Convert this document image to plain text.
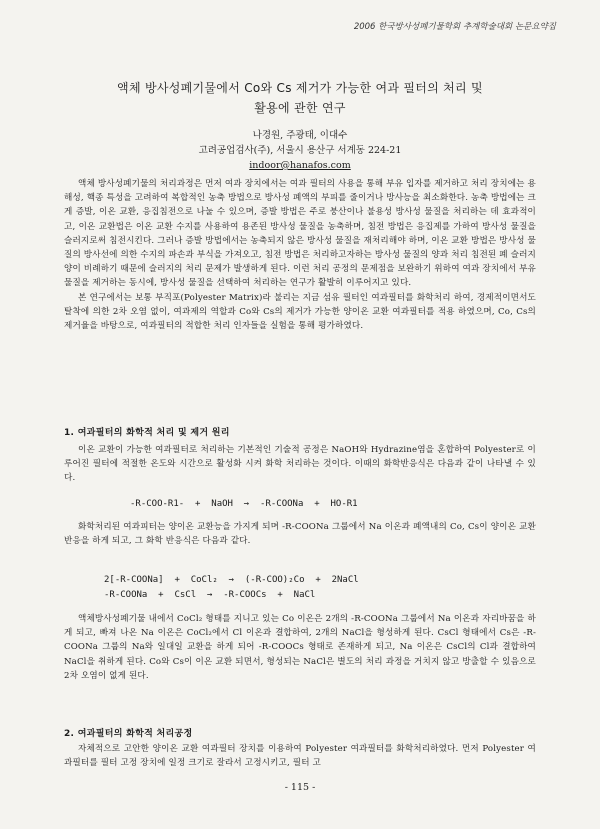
2006 한국방사성폐기물학회 추계학술대회 논문요약집
액체 방사성폐기물에서 Co와 Cs 제거가 가능한 여과 필터의 처리 및
활용에 관한 연구
나경원, 주광태, 이대수
고려공업검사(주), 서울시 용산구 서계동 224-21
indoor@hanafos.com

액체 방사성폐기물의 처리과정은 먼저 여과 장치에서는 여과 필터의 사용을 통해 부유 입자를 제거하고 처리 장치에는 용해성, 핵종 특성을 고려하여 복합적인 농축 방법으로 방사성 폐액의 부피를 줄이거나 방사능을 최소화한다. 농축 방법에는 크게 증발, 이온 교환, 응집침전으로 나눌 수 있으며, 증발 방법은 주로 붕산이나 불용성 방사성 물질을 처리하는 데 효과적이고, 이온 교환법은 이온 교환 수지를 사용하여 용존된 방사성 물질을 농축하며, 침전 방법은 응집제를 가하여 방사성 물질을 슬러지로써 침전시킨다. 그러나 증발 방법에서는 농축되지 않은 방사성 물질을 재처리해야 하며, 이온 교환 방법은 방사성 물질의 방사선에 의한 수지의 파손과 부식을 가져오고, 침전 방법은 처리하고자하는 방사성 물질의 양과 처리 침전된 폐 슬러지 양이 비례하기 때문에 슬러지의 처리 문제가 발생하게 된다. 이런 처리 공정의 문제점을 보완하기 위하여 여과 장치에서 부유 물질을 제거하는 동시에, 방사성 물질을 선택하여 처리하는 연구가 활발히 이루어지고 있다.

본 연구에서는 보통 부직포(Polyester Matrix)라 불리는 지금 섬유 필터인 여과필터를 화학처리 하여, 경제적이면서도 탈착에 의한 2차 오염 없이, 여과제의 역할과 Co와 Cs의 제거가 가능한 양이온 교환 여과필터를 적용 하였으며, Co, Cs의 제거율을 바탕으로, 여과필터의 적합한 처리 인자들을 실험을 통해 평가하였다.

1. 여과필터의 화학적 처리 및 제거 원리

이온 교환이 가능한 여과필터로 처리하는 기본적인 기술적 공정은 NaOH와 Hydrazine염을 혼합하여 Polyester로 이루어진 필터에 적절한 온도와 시간으로 활성화 시켜 화학 처리하는 것이다. 이때의 화학반응식은 다음과 같이 나타낼 수 있다.

-R-COO-R1-  +  NaOH  →  -R-COONa  +  HO-R1

화학처리된 여과피터는 양이온 교환능을 가지게 되며 -R-COONa 그룹에서 Na 이온과 폐액내의 Co, Cs이 양이온 교환 반응을 하게 되고, 그 화학 반응식은 다음과 같다.

2[-R-COONa]  +  CoCl₂  →  (-R-COO)₂Co  +  2NaCl
-R-COONa  +  CsCl  →  -R-COOCs  +  NaCl

액체방사성폐기물 내에서 CoCl₂ 형태를 지니고 있는 Co 이온은 2개의 -R-COONa 그룹에서 Na 이온과 자리바꿈을 하게 되고, 빠져 나온 Na 이온은 CoCl₂에서 Cl 이온과 결합하여, 2개의 NaCl을 형성하게 된다. CsCl 형태에서 Cs은 -R-COONa 그룹의 Na와 일대일 교환을 하게 되어 -R-COOCs 형태로 존재하게 되고, Na 이온은 CsCl의 Cl과 결합하여 NaCl을 취하게 된다. Co와 Cs이 이온 교환 되면서, 형성되는 NaCl은 별도의 처리 과정을 거치지 않고 방출할 수 있음으로 2차 오염이 없게 된다.

2. 여과필터의 화학적 처리공정

자체적으로 고안한 양이온 교환 여과필터 장치를 이용하여 Polyester 여과필터를 화학처리하였다. 먼저 Polyester 여과필터를 필터 고정 장치에 일정 크기로 잘라서 고정시키고, 필터 고

- 115 -
